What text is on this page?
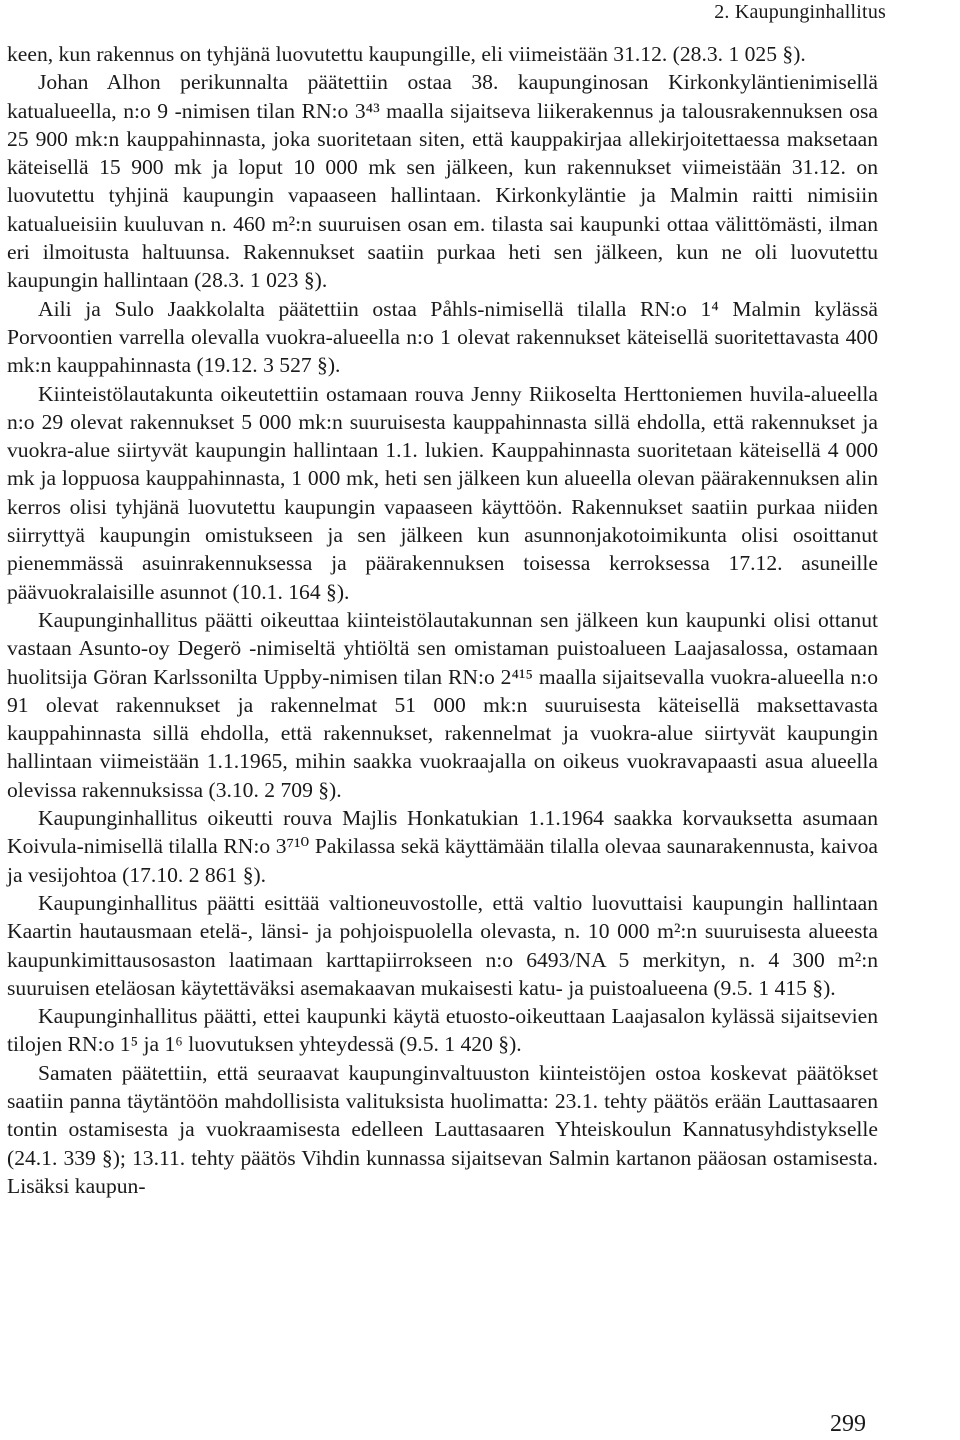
2. Kaupunginhallitus

keen, kun rakennus on tyhjänä luovutettu kaupungille, eli viimeistään 31.12. (28.3. 1 025 §).

Johan Alhon perikunnalta päätettiin ostaa 38. kaupunginosan Kirkonkyläntienimisellä katualueella, n:o 9 -nimisen tilan RN:o 3⁴³ maalla sijaitseva liikerakennus ja talousrakennuksen osa 25 900 mk:n kauppahinnasta, joka suoritetaan siten, että kauppakirjaa allekirjoitettaessa maksetaan käteisellä 15 900 mk ja loput 10 000 mk sen jälkeen, kun rakennukset viimeistään 31.12. on luovutettu tyhjinä kaupungin vapaaseen hallintaan. Kirkonkyläntie ja Malmin raitti nimisiin katualueisiin kuuluvan n. 460 m²:n suuruisen osan em. tilasta sai kaupunki ottaa välittömästi, ilman eri ilmoitusta haltuunsa. Rakennukset saatiin purkaa heti sen jälkeen, kun ne oli luovutettu kaupungin hallintaan (28.3. 1 023 §).

Aili ja Sulo Jaakkolalta päätettiin ostaa Påhls-nimisellä tilalla RN:o 1⁴ Malmin kylässä Porvoontien varrella olevalla vuokra-alueella n:o 1 olevat rakennukset käteisellä suoritettavasta 400 mk:n kauppahinnasta (19.12. 3 527 §).

Kiinteistölautakunta oikeutettiin ostamaan rouva Jenny Riikoselta Herttoniemen huvila-alueella n:o 29 olevat rakennukset 5 000 mk:n suuruisesta kauppahinnasta sillä ehdolla, että rakennukset ja vuokra-alue siirtyvät kaupungin hallintaan 1.1. lukien. Kauppahinnasta suoritetaan käteisellä 4 000 mk ja loppuosa kauppahinnasta, 1 000 mk, heti sen jälkeen kun alueella olevan päärakennuksen alin kerros olisi tyhjänä luovutettu kaupungin vapaaseen käyttöön. Rakennukset saatiin purkaa niiden siirryttyä kaupungin omistukseen ja sen jälkeen kun asunnonjakotoimikunta olisi osoittanut pienemmässä asuinrakennuksessa ja päärakennuksen toisessa kerroksessa 17.12. asuneille päävuokralaisille asunnot (10.1. 164 §).

Kaupunginhallitus päätti oikeuttaa kiinteistölautakunnan sen jälkeen kun kaupunki olisi ottanut vastaan Asunto-oy Degerö -nimiseltä yhtiöltä sen omistaman puistoalueen Laajasalossa, ostamaan huolitsija Göran Karlssonilta Uppby-nimisen tilan RN:o 2⁴¹⁵ maalla sijaitsevalla vuokra-alueella n:o 91 olevat rakennukset ja rakennelmat 51 000 mk:n suuruisesta käteisellä maksettavasta kauppahinnasta sillä ehdolla, että rakennukset, rakennelmat ja vuokra-alue siirtyvät kaupungin hallintaan viimeistään 1.1.1965, mihin saakka vuokraajalla on oikeus vuokravapaasti asua alueella olevissa rakennuksissa (3.10. 2 709 §).

Kaupunginhallitus oikeutti rouva Majlis Honkatukian 1.1.1964 saakka korvauksetta asumaan Koivula-nimisellä tilalla RN:o 3⁷¹⁰ Pakilassa sekä käyttämään tilalla olevaa saunarakennusta, kaivoa ja vesijohtoa (17.10. 2 861 §).

Kaupunginhallitus päätti esittää valtioneuvostolle, että valtio luovuttaisi kaupungin hallintaan Kaartin hautausmaan etelä-, länsi- ja pohjoispuolella olevasta, n. 10 000 m²:n suuruisesta alueesta kaupunkimittausosaston laatimaan karttapiirrokseen n:o 6493/NA 5 merkityn, n. 4 300 m²:n suuruisen eteläosan käytettäväksi asemakaavan mukaisesti katu- ja puistoalueena (9.5. 1 415 §).

Kaupunginhallitus päätti, ettei kaupunki käytä etuosto-oikeuttaan Laajasalon kylässä sijaitsevien tilojen RN:o 1⁵ ja 1⁶ luovutuksen yhteydessä (9.5. 1 420 §).

Samaten päätettiin, että seuraavat kaupunginvaltuuston kiinteistöjen ostoa koskevat päätökset saatiin panna täytäntöön mahdollisista valituksista huolimatta: 23.1. tehty päätös erään Lauttasaaren tontin ostamisesta ja vuokraamisesta edelleen Lauttasaaren Yhteiskoulun Kannatusyhdistykselle (24.1. 339 §); 13.11. tehty päätös Vihdin kunnassa sijaitsevan Salmin kartanon pääosan ostamisesta. Lisäksi kaupun-

299
